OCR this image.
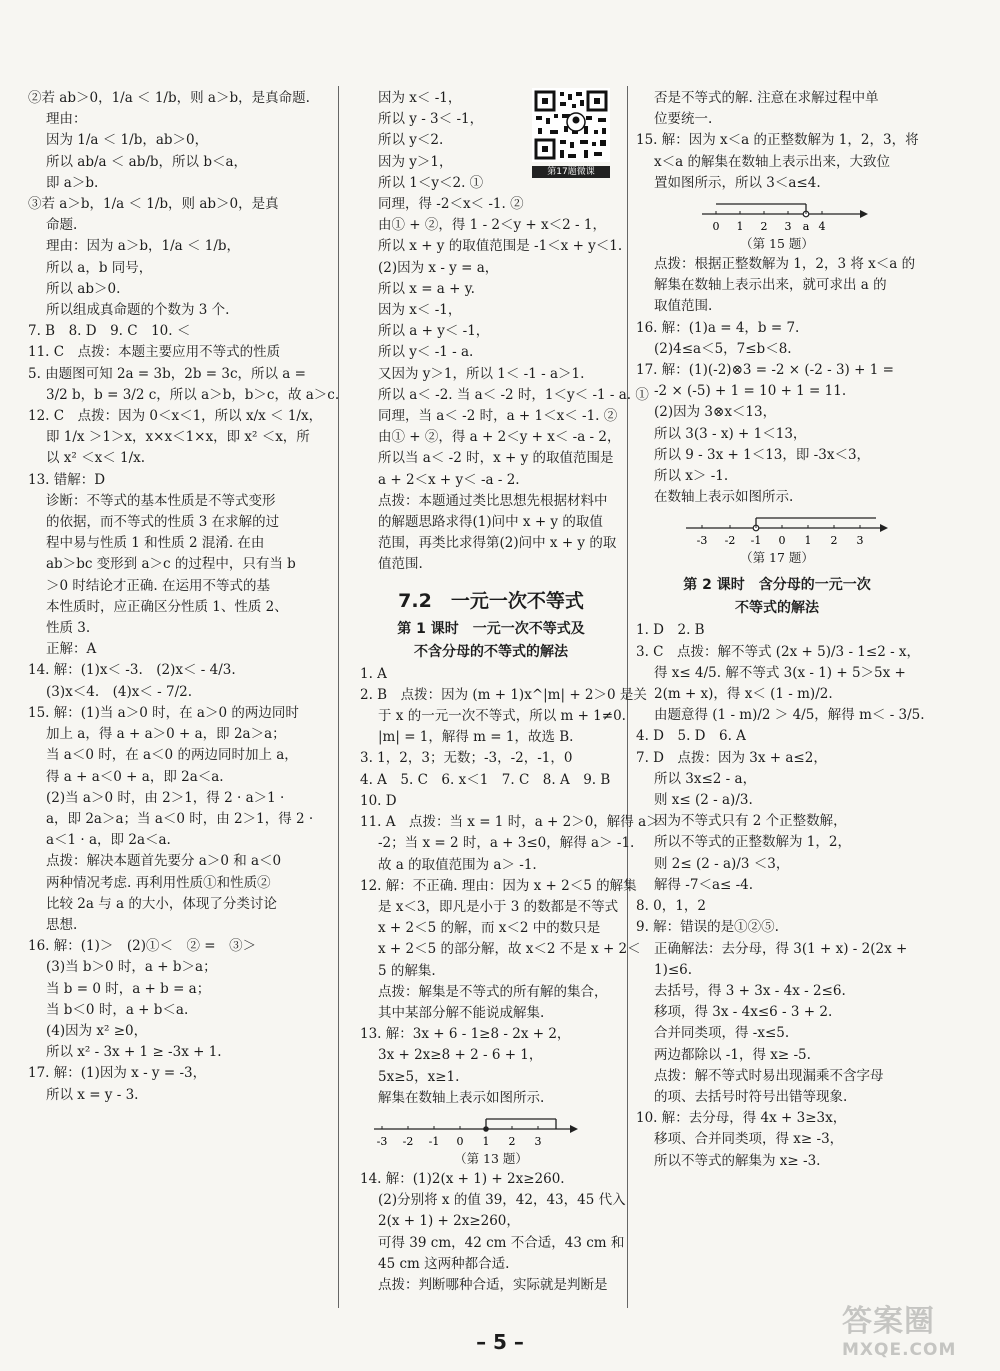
②若 ab＞0，1/a ＜ 1/b，则 a＞b，是真命题.
理由：
因为 1/a ＜ 1/b，ab＞0，
所以 ab/a ＜ ab/b，所以 b＜a，
即 a＞b.
③若 a＞b，1/a ＜ 1/b，则 ab＞0，是真
命题.
理由：因为 a＞b，1/a ＜ 1/b，
所以 a，b 同号，
所以 ab＞0.
所以组成真命题的个数为 3 个.
7. B　8. D　9. C　10. ＜
11. C　点拨：本题主要应用不等式的性质
5. 由题图可知 2a = 3b，2b = 3c，所以 a =
3/2 b，b = 3/2 c，所以 a＞b，b＞c，故 a＞c.
12. C　点拨：因为 0＜x＜1，所以 x/x ＜ 1/x，
即 1/x ＞1＞x，x×x＜1×x，即 x² ＜x，所
以 x² ＜x＜ 1/x.
13. 错解：D
诊断：不等式的基本性质是不等式变形
的依据，而不等式的性质 3 在求解的过
程中易与性质 1 和性质 2 混淆. 在由
ab＞bc 变形到 a＞c 的过程中，只有当 b
＞0 时结论才正确. 在运用不等式的基
本性质时，应正确区分性质 1、性质 2、
性质 3.
正解：A
14. 解：(1)x＜ -3.　(2)x＜ - 4/3.
(3)x＜4.　(4)x＜ - 7/2.
15. 解：(1)当 a＞0 时，在 a＞0 的两边同时
加上 a，得 a + a＞0 + a，即 2a＞a；
当 a＜0 时，在 a＜0 的两边同时加上 a，
得 a + a＜0 + a，即 2a＜a.
(2)当 a＞0 时，由 2＞1，得 2 · a＞1 ·
a，即 2a＞a；当 a＜0 时，由 2＞1，得 2 ·
a＜1 · a，即 2a＜a.
点拨：解决本题首先要分 a＞0 和 a＜0
两种情况考虑. 再利用性质①和性质②
比较 2a 与 a 的大小，体现了分类讨论
思想.
16. 解：(1)＞　(2)①＜　② =　③＞
(3)当 b＞0 时，a + b＞a；
当 b = 0 时，a + b = a；
当 b＜0 时，a + b＜a.
(4)因为 x² ≥0，
所以 x² - 3x + 1 ≥ -3x + 1.
17. 解：(1)因为 x - y = -3，
所以 x = y - 3.
因为 x＜ -1，
所以 y - 3＜ -1，
所以 y＜2.
因为 y＞1，
所以 1＜y＜2. ①
同理，得 -2＜x＜ -1. ②
由① + ②，得 1 - 2＜y + x＜2 - 1，
所以 x + y 的取值范围是 -1＜x + y＜1.
(2)因为 x - y = a，
所以 x = a + y.
因为 x＜ -1，
所以 a + y＜ -1，
所以 y＜ -1 - a.
又因为 y＞1，所以 1＜ -1 - a＞1.
所以 a＜ -2. 当 a＜ -2 时，1＜y＜ -1 - a. ①
同理，当 a＜ -2 时，a + 1＜x＜ -1. ②
由① + ②，得 a + 2＜y + x＜ -a - 2，
所以当 a＜ -2 时，x + y 的取值范围是
a + 2＜x + y＜ -a - 2.
点拨：本题通过类比思想先根据材料中
的解题思路求得(1)问中 x + y 的取值
范围，再类比求得第(2)问中 x + y 的取
值范围.
7.2　一元一次不等式
第 1 课时　一元一次不等式及
不含分母的不等式的解法
1. A
2. B　点拨：因为 (m + 1)x^|m| + 2＞0 是关
于 x 的一元一次不等式，所以 m + 1≠0.
|m| = 1，解得 m = 1，故选 B.
3. 1，2，3；无数；-3，-2，-1，0
4. A　5. C　6. x＜1　7. C　8. A　9. B
10. D
11. A　点拨：当 x = 1 时，a + 2＞0，解得 a＞
-2；当 x = 2 时，a + 3≤0，解得 a＞ -1.
故 a 的取值范围为 a＞ -1.
12. 解：不正确. 理由：因为 x + 2＜5 的解集
是 x＜3，即凡是小于 3 的数都是不等式
x + 2＜5 的解，而 x＜2 中的数只是
x + 2＜5 的部分解，故 x＜2 不是 x + 2＜
5 的解集.
点拨：解集是不等式的所有解的集合，
其中某部分解不能说成解集.
13. 解：3x + 6 - 1≥8 - 2x + 2，
3x + 2x≥8 + 2 - 6 + 1，
5x≥5，x≥1.
解集在数轴上表示如图所示.
-3 -2 -1 0 1 2 3
（第 13 题）
14. 解：(1)2(x + 1) + 2x≥260.
(2)分别将 x 的值 39，42，43，45 代入
2(x + 1) + 2x≥260，
可得 39 cm，42 cm 不合适，43 cm 和
45 cm 这两种都合适.
点拨：判断哪种合适，实际就是判断是
第17题微课
否是不等式的解. 注意在求解过程中单
位要统一.
15. 解：因为 x＜a 的正整数解为 1，2，3，将
x＜a 的解集在数轴上表示出来，大致位
置如图所示，所以 3＜a≤4.
0 1 2 3 a 4
（第 15 题）
点拨：根据正整数解为 1，2，3 将 x＜a 的
解集在数轴上表示出来，就可求出 a 的
取值范围.
16. 解：(1)a = 4，b = 7.
(2)4≤a＜5，7≤b＜8.
17. 解：(1)(-2)⊗3 = -2 × (-2 - 3) + 1 =
-2 × (-5) + 1 = 10 + 1 = 11.
(2)因为 3⊗x＜13，
所以 3(3 - x) + 1＜13，
所以 9 - 3x + 1＜13，即 -3x＜3，
所以 x＞ -1.
在数轴上表示如图所示.
-3 -2 -1 0 1 2 3
（第 17 题）
第 2 课时　含分母的一元一次
不等式的解法
1. D　2. B
3. C　点拨：解不等式 (2x + 5)/3 - 1≤2 - x，
得 x≤ 4/5. 解不等式 3(x - 1) + 5＞5x +
2(m + x)，得 x＜ (1 - m)/2.
由题意得 (1 - m)/2 ＞ 4/5，解得 m＜ - 3/5.
4. D　5. D　6. A
7. D　点拨：因为 3x + a≤2，
所以 3x≤2 - a，
则 x≤ (2 - a)/3.
因为不等式只有 2 个正整数解，
所以不等式的正整数解为 1，2，
则 2≤ (2 - a)/3 ＜3，
解得 -7＜a≤ -4.
8. 0，1，2
9. 解：错误的是①②⑤.
正确解法：去分母，得 3(1 + x) - 2(2x +
1)≤6.
去括号，得 3 + 3x - 4x - 2≤6.
移项，得 3x - 4x≤6 - 3 + 2.
合并同类项，得 -x≤5.
两边都除以 -1，得 x≥ -5.
点拨：解不等式时易出现漏乘不含字母
的项、去括号时符号出错等现象.
10. 解：去分母，得 4x + 3≥3x，
移项、合并同类项，得 x≥ -3，
所以不等式的解集为 x≥ -3.
– 5 –
答案圈
MXQE.COM
